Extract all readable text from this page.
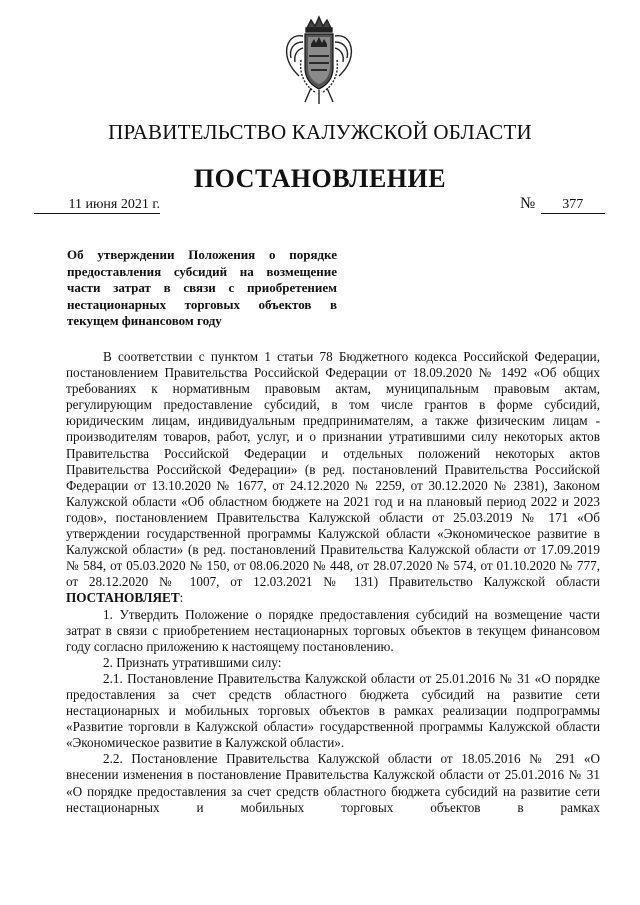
ПРАВИТЕЛЬСТВО КАЛУЖСКОЙ ОБЛАСТИ
ПОСТАНОВЛЕНИЕ
11 июня 2021 г.	№ 377
Об утверждении Положения о порядке
предоставления субсидий на возмещение
части затрат в связи с приобретением
нестационарных торговых объектов в
текущем финансовом году

В соответствии с пунктом 1 статьи 78 Бюджетного кодекса Российской Федерации, постановлением Правительства Российской Федерации от 18.09.2020 № 1492 «Об общих требованиях к нормативным правовым актам, муниципальным правовым актам, регулирующим предоставление субсидий, в том числе грантов в форме субсидий, юридическим лицам, индивидуальным предпринимателям, а также физическим лицам - производителям товаров, работ, услуг, и о признании утратившими силу некоторых актов Правительства Российской Федерации и отдельных положений некоторых актов Правительства Российской Федерации» (в ред. постановлений Правительства Российской Федерации от 13.10.2020 № 1677, от 24.12.2020 № 2259, от 30.12.2020 № 2381), Законом Калужской области «Об областном бюджете на 2021 год и на плановый период 2022 и 2023 годов», постановлением Правительства Калужской области от 25.03.2019 № 171 «Об утверждении государственной программы Калужской области «Экономическое развитие в Калужской области» (в ред. постановлений Правительства Калужской области от 17.09.2019 № 584, от 05.03.2020 № 150, от 08.06.2020 № 448, от 28.07.2020 № 574, от 01.10.2020 № 777, от 28.12.2020 № 1007, от 12.03.2021 № 131) Правительство Калужской области ПОСТАНОВЛЯЕТ:

1. Утвердить Положение о порядке предоставления субсидий на возмещение части затрат в связи с приобретением нестационарных торговых объектов в текущем финансовом году согласно приложению к настоящему постановлению.

2. Признать утратившими силу:

2.1. Постановление Правительства Калужской области от 25.01.2016 № 31 «О порядке предоставления за счет средств областного бюджета субсидий на развитие сети нестационарных и мобильных торговых объектов в рамках реализации подпрограммы «Развитие торговли в Калужской области» государственной программы Калужской области «Экономическое развитие в Калужской области».

2.2. Постановление Правительства Калужской области от 18.05.2016 № 291 «О внесении изменения в постановление Правительства Калужской области от 25.01.2016 № 31 «О порядке предоставления за счет средств областного бюджета субсидий на развитие сети нестационарных и мобильных торговых объектов в рамках
